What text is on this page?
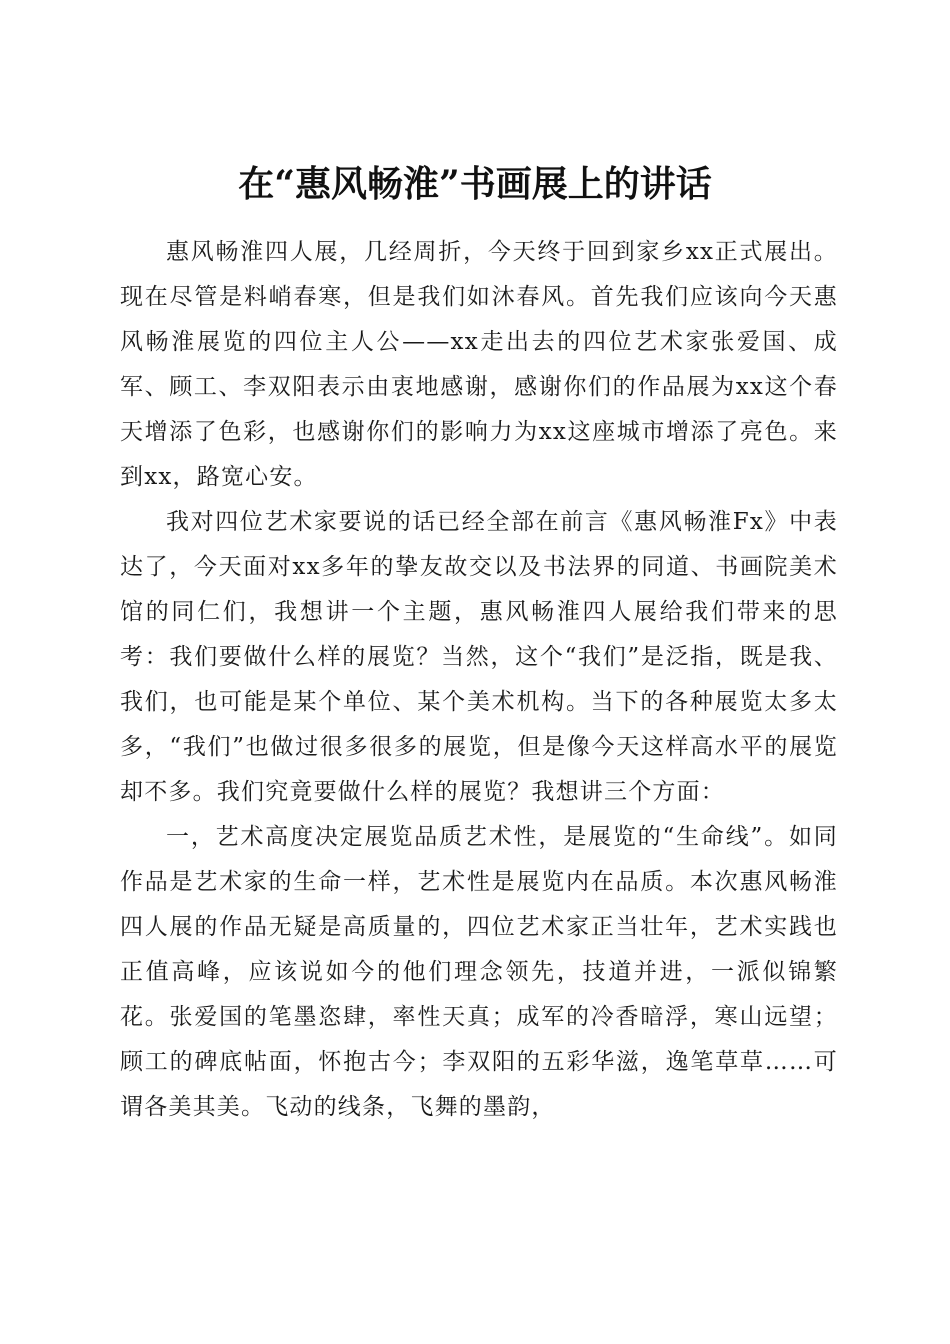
在“惠风畅淮”书画展上的讲话

惠风畅淮四人展，几经周折，今天终于回到家乡xx正式展出。现在尽管是料峭春寒，但是我们如沐春风。首先我们应该向今天惠风畅淮展览的四位主人公——xx走出去的四位艺术家张爱国、成军、顾工、李双阳表示由衷地感谢，感谢你们的作品展为xx这个春天增添了色彩，也感谢你们的影响力为xx这座城市增添了亮色。来到xx，路宽心安。

我对四位艺术家要说的话已经全部在前言《惠风畅淮Fx》中表达了，今天面对xx多年的挚友故交以及书法界的同道、书画院美术馆的同仁们，我想讲一个主题，惠风畅淮四人展给我们带来的思考：我们要做什么样的展览？当然，这个“我们”是泛指，既是我、我们，也可能是某个单位、某个美术机构。当下的各种展览太多太多，“我们”也做过很多很多的展览，但是像今天这样高水平的展览却不多。我们究竟要做什么样的展览？我想讲三个方面：

一，艺术高度决定展览品质艺术性，是展览的“生命线”。如同作品是艺术家的生命一样，艺术性是展览内在品质。本次惠风畅淮四人展的作品无疑是高质量的，四位艺术家正当壮年，艺术实践也正值高峰，应该说如今的他们理念领先，技道并进，一派似锦繁花。张爱国的笔墨恣肆，率性天真；成军的冷香暗浮，寒山远望；顾工的碑底帖面，怀抱古今；李双阳的五彩华滋，逸笔草草……可谓各美其美。飞动的线条，飞舞的墨韵，
